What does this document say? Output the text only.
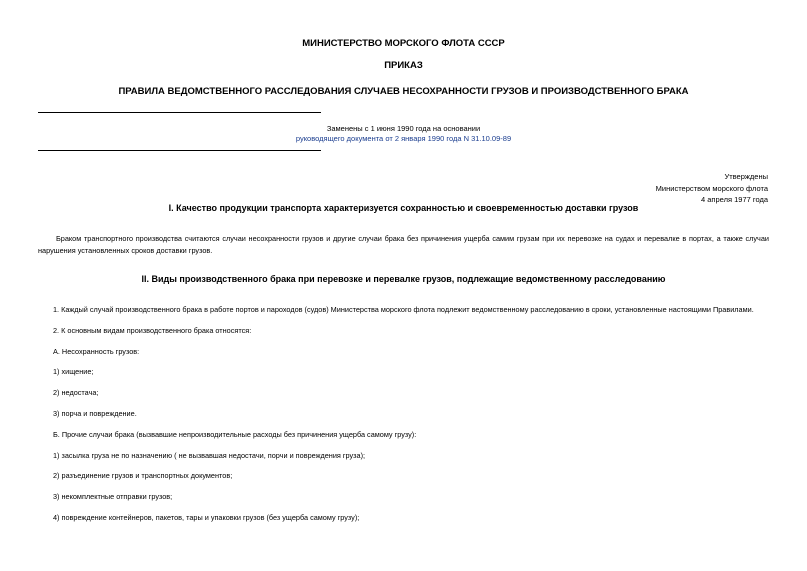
МИНИСТЕРСТВО МОРСКОГО ФЛОТА СССР
ПРИКАЗ
ПРАВИЛА ВЕДОМСТВЕННОГО РАССЛЕДОВАНИЯ СЛУЧАЕВ НЕСОХРАННОСТИ ГРУЗОВ И ПРОИЗВОДСТВЕННОГО БРАКА
Заменены с 1 июня 1990 года на основании
руководящего документа от 2 января 1990 года N 31.10.09-89
Утверждены
Министерством морского флота
4 апреля 1977 года
I. Качество продукции транспорта характеризуется сохранностью и своевременностью доставки грузов
Браком транспортного производства считаются случаи несохранности грузов и другие случаи брака без причинения ущерба самим грузам при их перевозке на судах и перевалке в портах, а также случаи нарушения установленных сроков доставки грузов.
II. Виды производственного брака при перевозке и перевалке грузов, подлежащие ведомственному расследованию
1. Каждый случай производственного брака в работе портов и пароходов (судов) Министерства морского флота подлежит ведомственному расследованию в сроки, установленные настоящими Правилами.
2. К основным видам производственного брака относятся:
А. Несохранность грузов:
1) хищение;
2) недостача;
3) порча и повреждение.
Б. Прочие случаи брака (вызвавшие непроизводительные расходы без причинения ущерба самому грузу):
1) засылка груза не по назначению ( не вызвавшая недостачи, порчи и повреждения груза);
2) разъединение грузов и транспортных документов;
3) некомплектные отправки грузов;
4) повреждение контейнеров, пакетов, тары и упаковки грузов (без ущерба самому грузу);
